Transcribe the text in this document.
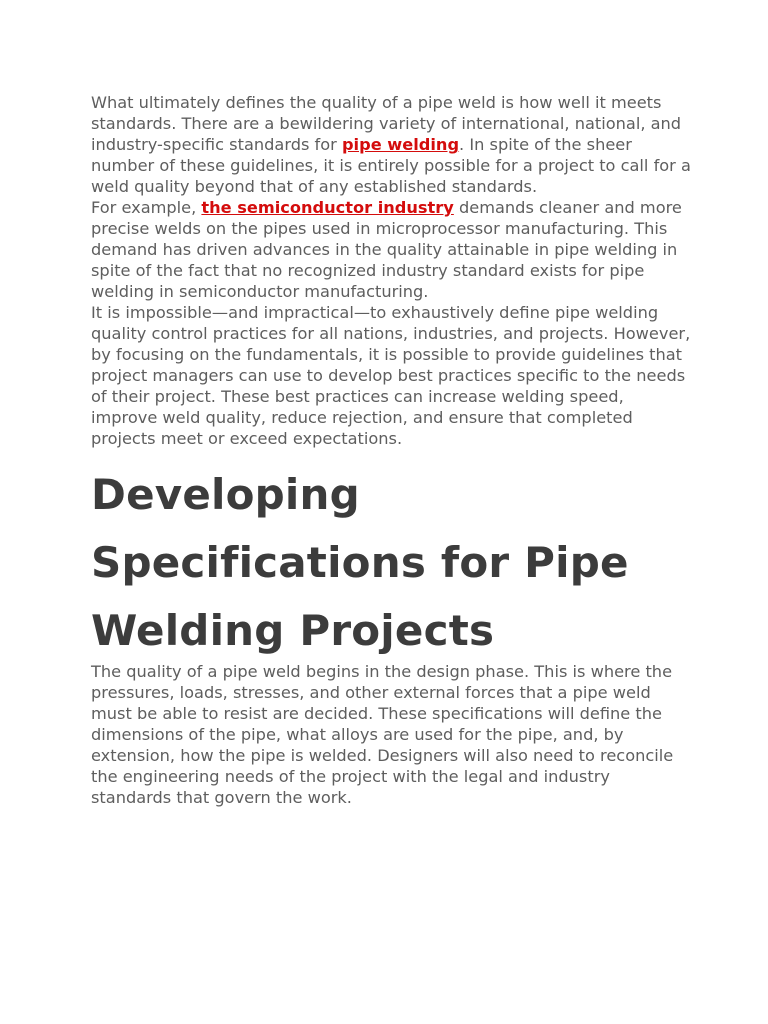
What ultimately defines the quality of a pipe weld is how well it meets standards. There are a bewildering variety of international, national, and industry-specific standards for pipe welding. In spite of the sheer number of these guidelines, it is entirely possible for a project to call for a weld quality beyond that of any established standards.

For example, the semiconductor industry demands cleaner and more precise welds on the pipes used in microprocessor manufacturing. This demand has driven advances in the quality attainable in pipe welding in spite of the fact that no recognized industry standard exists for pipe welding in semiconductor manufacturing.

It is impossible—and impractical—to exhaustively define pipe welding quality control practices for all nations, industries, and projects. However, by focusing on the fundamentals, it is possible to provide guidelines that project managers can use to develop best practices specific to the needs of their project. These best practices can increase welding speed, improve weld quality, reduce rejection, and ensure that completed projects meet or exceed expectations.

Developing Specifications for Pipe Welding Projects

The quality of a pipe weld begins in the design phase. This is where the pressures, loads, stresses, and other external forces that a pipe weld must be able to resist are decided. These specifications will define the dimensions of the pipe, what alloys are used for the pipe, and, by extension, how the pipe is welded. Designers will also need to reconcile the engineering needs of the project with the legal and industry standards that govern the work.
